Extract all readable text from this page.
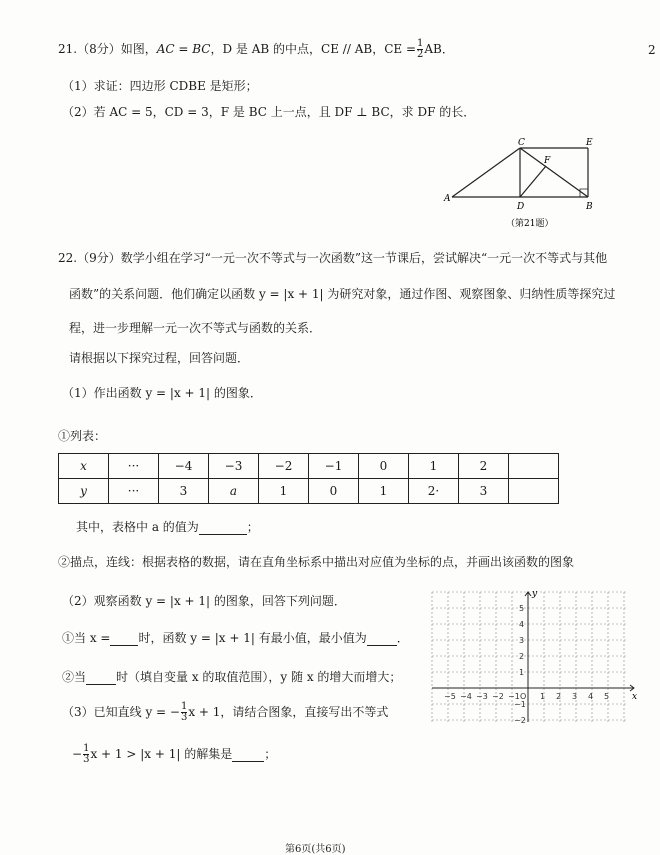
21.（8分）如图，AC = BC，D 是 AB 的中点，CE // AB，CE = $\frac{1}{2}$ AB．	2
（1）求证：四边形 CDBE 是矩形；
（2）若 AC = 5，CD = 3，F 是 BC 上一点，且 DF ⊥ BC，求 DF 的长．
C	E
F
A
D	B
（第21题）
22.（9分）数学小组在学习“一元一次不等式与一次函数”这一节课后，尝试解决“一元一次不等式与其他
函数”的关系问题．他们确定以函数 y = |x + 1| 为研究对象，通过作图、观察图象、归纳性质等探究过
程，进一步理解一元一次不等式与函数的关系．
请根据以下探究过程，回答问题．
（1）作出函数 y = |x + 1| 的图象．
①列表：
x	···	−4	−3	−2	−1	0	1	2	
y	···	3	a	1	0	1	2·	3	
其中，表格中 a 的值为	；
②描点，连线：根据表格的数据，请在直角坐标系中描出对应值为坐标的点，并画出该函数的图象
（2）观察函数 y = |x + 1| 的图象，回答下列问题．
①当 x = 时，函数 y = |x + 1| 有最小值，最小值为	．
②当	时（填自变量 x 的取值范围），y 随 x 的增大而增大；
（3）已知直线 y = − $\frac{1}{3}$ x + 1，请结合图象，直接写出不等式
− $\frac{1}{3}$ x + 1 > |x + 1| 的解集是	；
−5 −4 −3 −2 −1 O 1 2 3 4 5
5
4
3
2
1
−1
−2
x
y
第6页(共6页)
